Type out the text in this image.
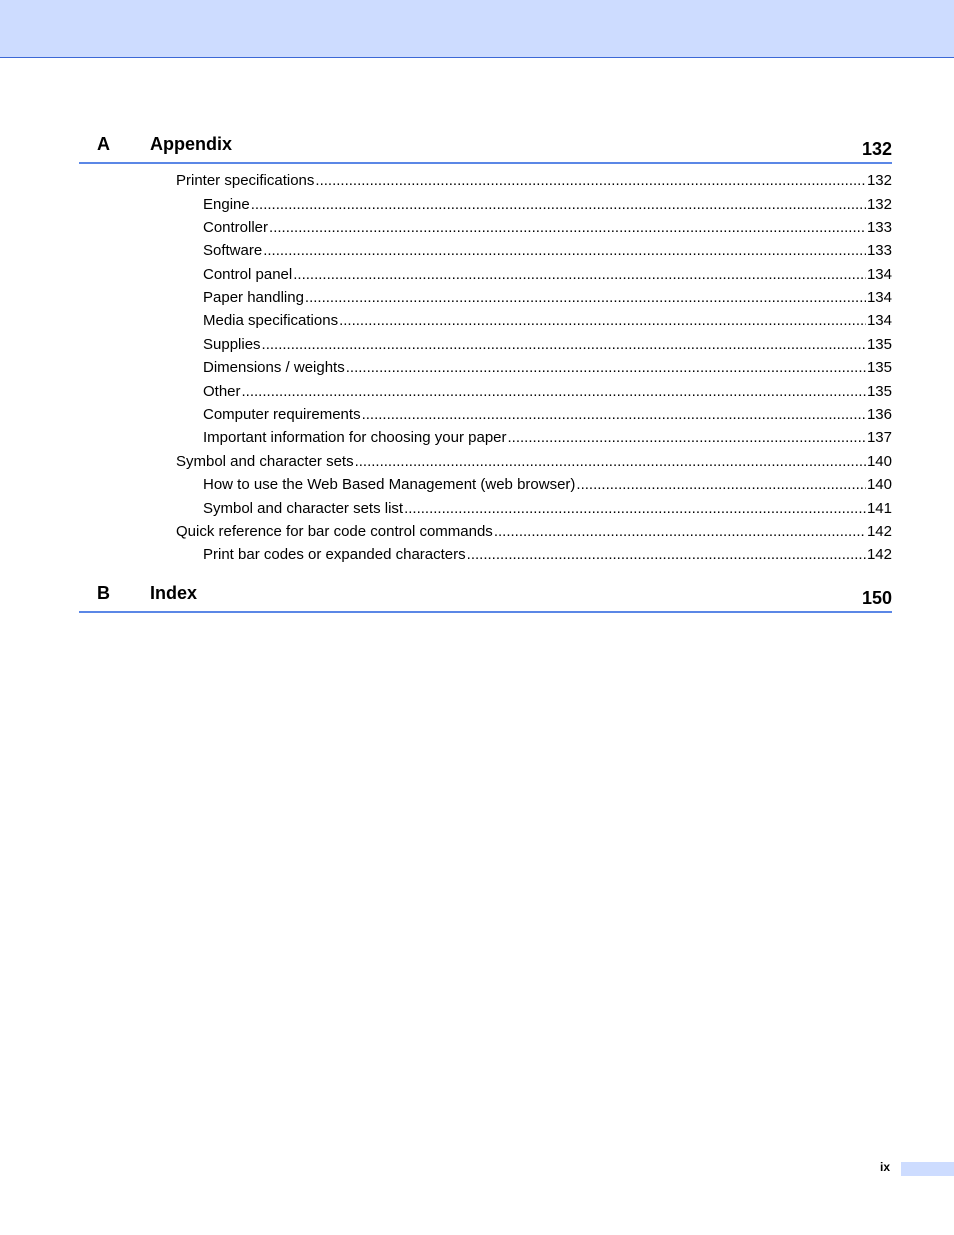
A Appendix	132
Printer specifications .....	132
Engine .....	132
Controller .....	133
Software .....	133
Control panel .....	134
Paper handling .....	134
Media specifications .....	134
Supplies .....	135
Dimensions / weights .....	135
Other .....	135
Computer requirements .....	136
Important information for choosing your paper .....	137
Symbol and character sets .....	140
How to use the Web Based Management (web browser) .....	140
Symbol and character sets list .....	141
Quick reference for bar code control commands .....	142
Print bar codes or expanded characters .....	142
B Index	150
ix
